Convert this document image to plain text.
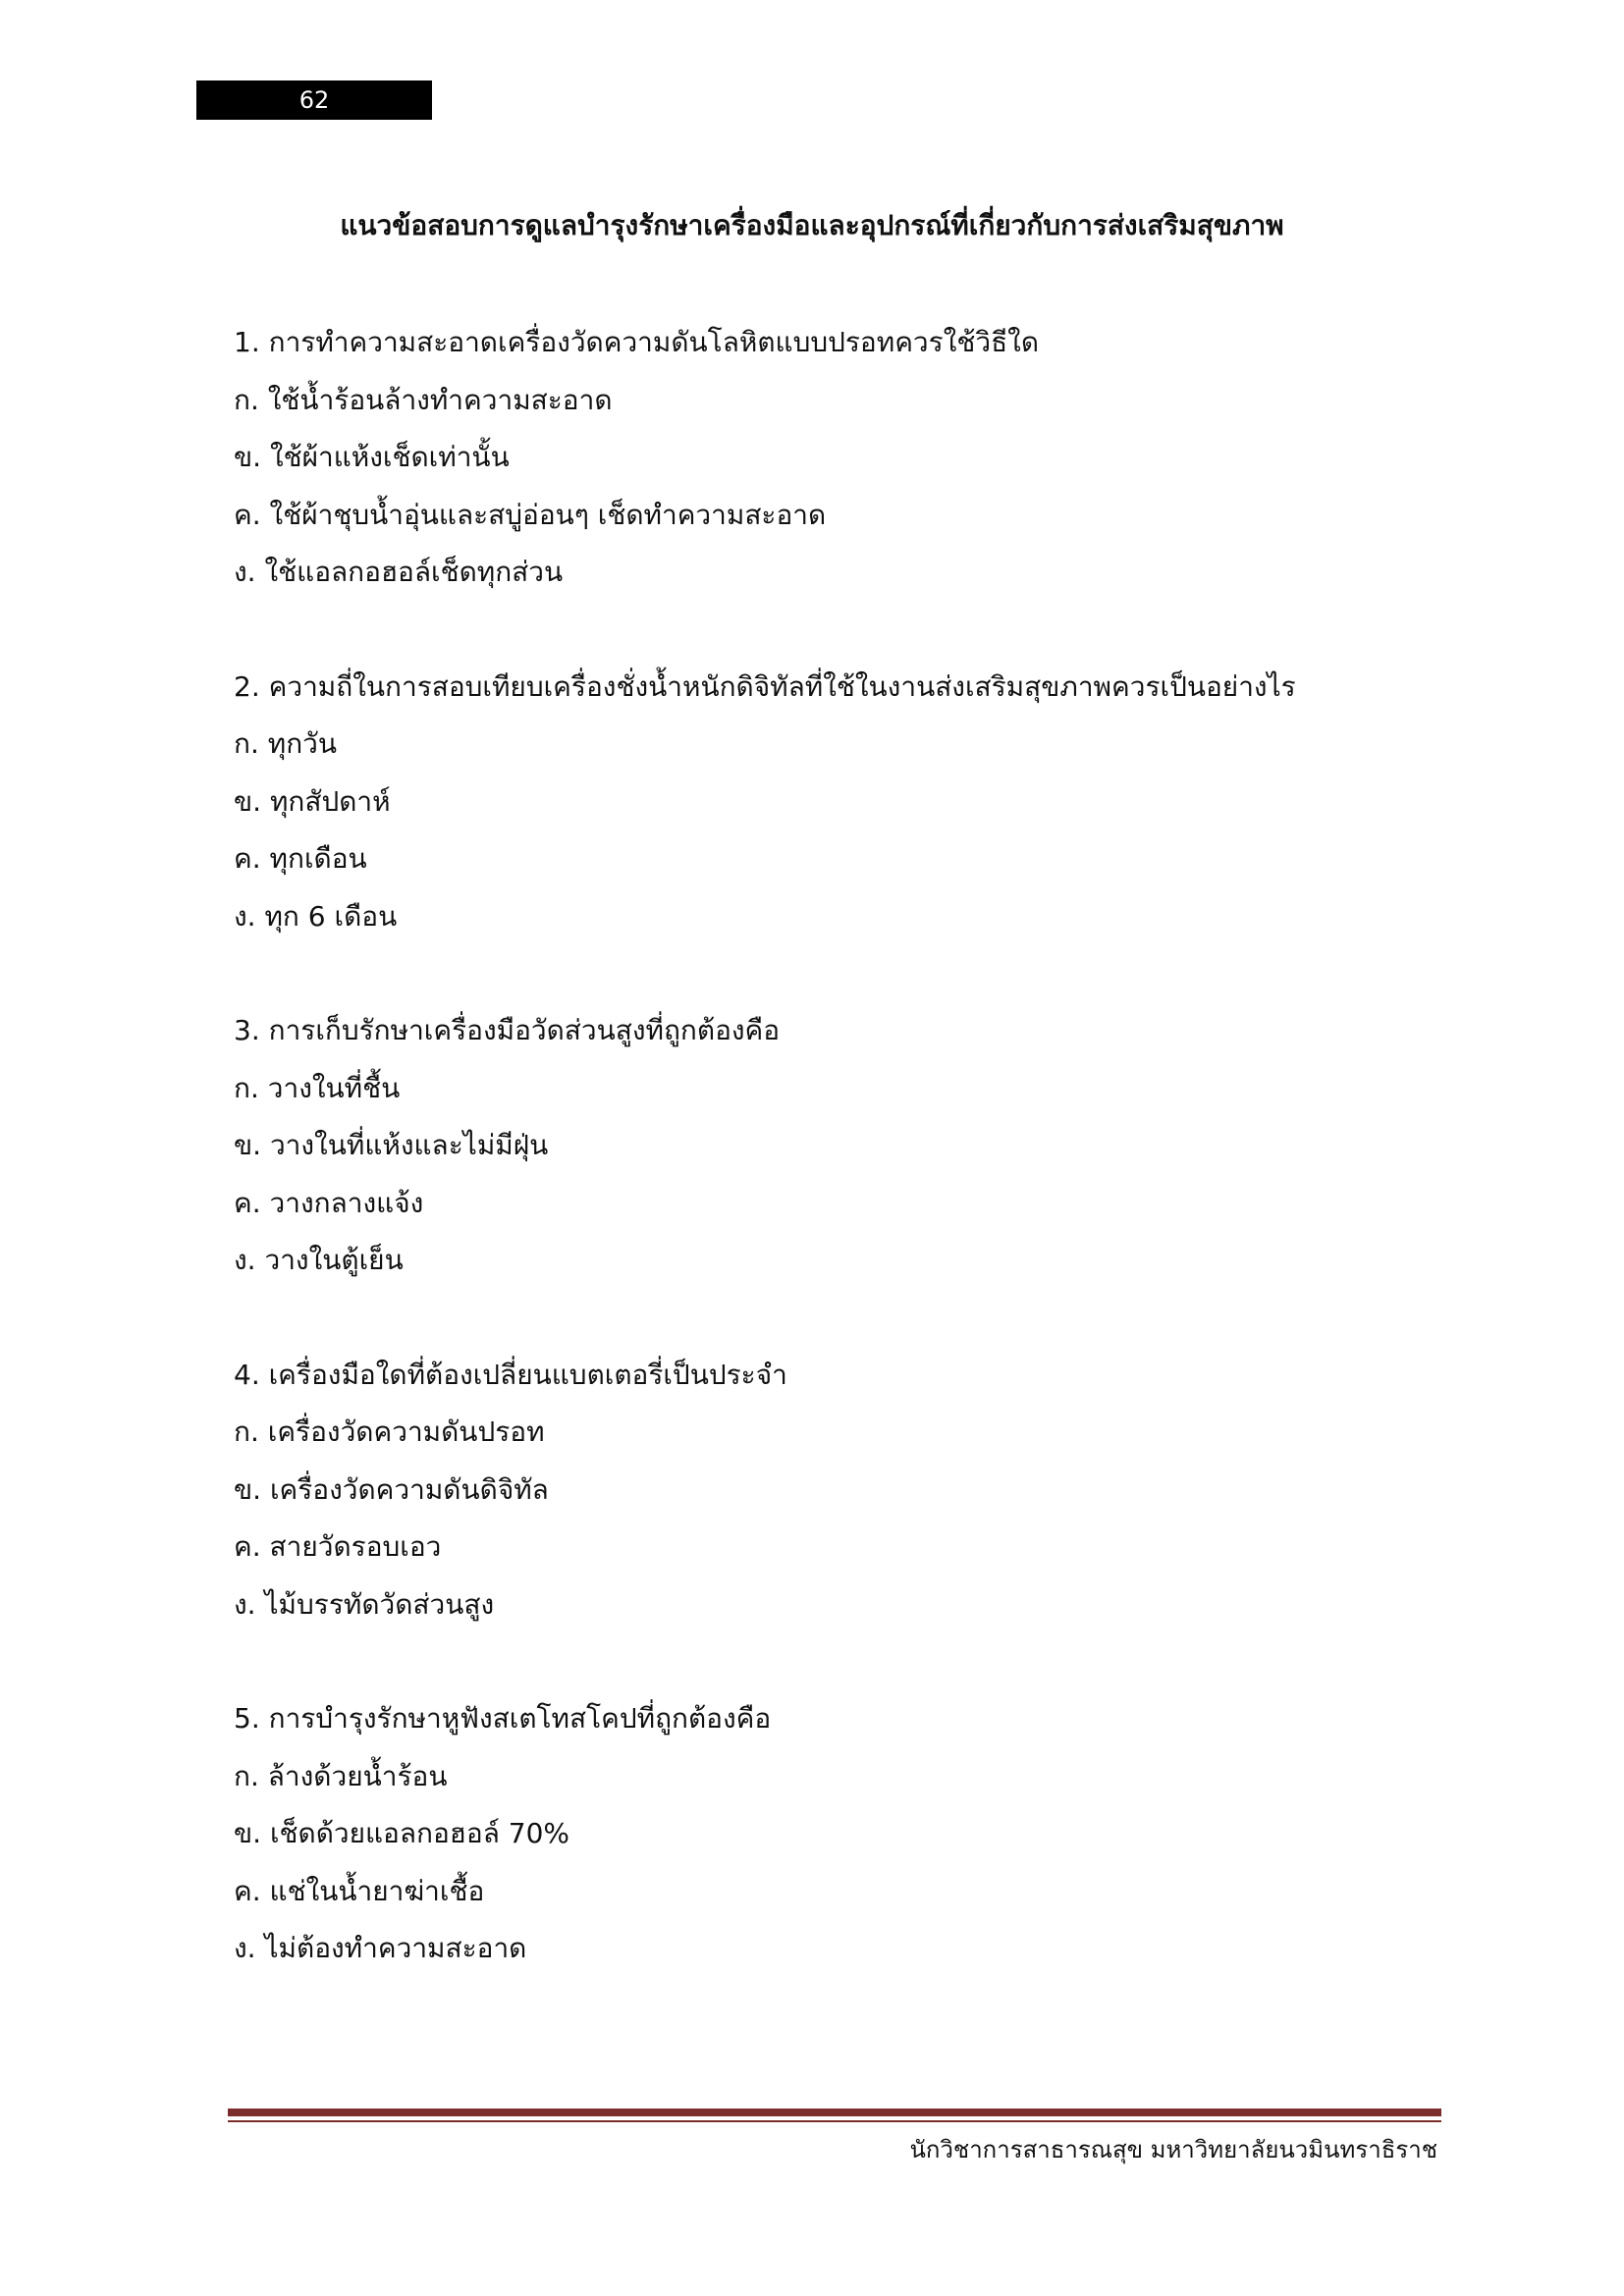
62
แนวข้อสอบการดูแลบำรุงรักษาเครื่องมือและอุปกรณ์ที่เกี่ยวกับการส่งเสริมสุขภาพ
1. การทำความสะอาดเครื่องวัดความดันโลหิตแบบปรอทควรใช้วิธีใด
ก. ใช้น้ำร้อนล้างทำความสะอาด
ข. ใช้ผ้าแห้งเช็ดเท่านั้น
ค. ใช้ผ้าชุบน้ำอุ่นและสบู่อ่อนๆ เช็ดทำความสะอาด
ง. ใช้แอลกอฮอล์เช็ดทุกส่วน
2. ความถี่ในการสอบเทียบเครื่องชั่งน้ำหนักดิจิทัลที่ใช้ในงานส่งเสริมสุขภาพควรเป็นอย่างไร
ก. ทุกวัน
ข. ทุกสัปดาห์
ค. ทุกเดือน
ง. ทุก 6 เดือน
3. การเก็บรักษาเครื่องมือวัดส่วนสูงที่ถูกต้องคือ
ก. วางในที่ชื้น
ข. วางในที่แห้งและไม่มีฝุ่น
ค. วางกลางแจ้ง
ง. วางในตู้เย็น
4. เครื่องมือใดที่ต้องเปลี่ยนแบตเตอรี่เป็นประจำ
ก. เครื่องวัดความดันปรอท
ข. เครื่องวัดความดันดิจิทัล
ค. สายวัดรอบเอว
ง. ไม้บรรทัดวัดส่วนสูง
5. การบำรุงรักษาหูฟังสเตโทสโคปที่ถูกต้องคือ
ก. ล้างด้วยน้ำร้อน
ข. เช็ดด้วยแอลกอฮอล์ 70%
ค. แช่ในน้ำยาฆ่าเชื้อ
ง. ไม่ต้องทำความสะอาด
นักวิชาการสาธารณสุข มหาวิทยาลัยนวมินทราธิราช
